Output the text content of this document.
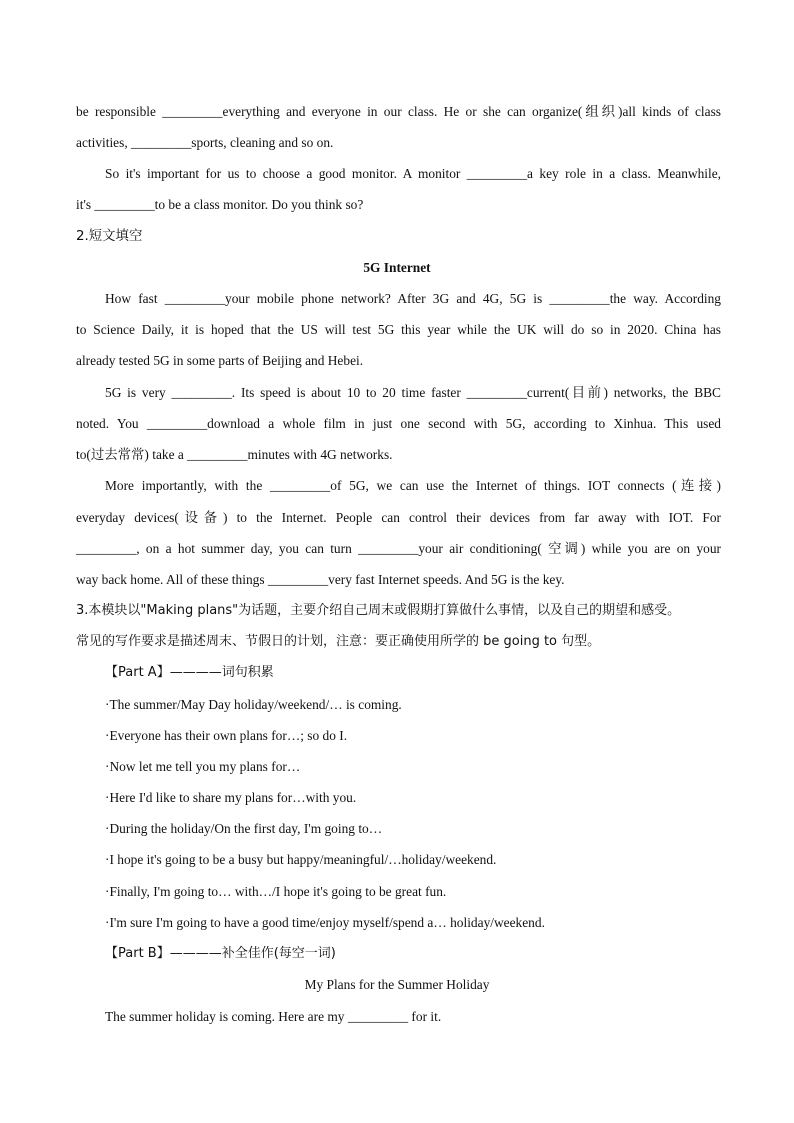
be responsible _________everything and everyone in our class. He or she can organize(组织)all kinds of class
activities, _________sports, cleaning and so on.
So it's important for us to choose a good monitor. A monitor _________a key role in a class. Meanwhile,
it's _________to be a class monitor. Do you think so?
2.短文填空
5G Internet
How fast _________your mobile phone network? After 3G and 4G, 5G is _________the way. According
to Science Daily, it is hoped that the US will test 5G this year while the UK will do so in 2020. China has
already tested 5G in some parts of Beijing and Hebei.
5G is very _________. Its speed is about 10 to 20 time faster _________current(目前) networks, the BBC
noted. You _________download a whole film in just one second with 5G, according to Xinhua. This used
to(过去常常) take a _________minutes with 4G networks.
More importantly, with the _________of 5G, we can use the Internet of things. IOT connects (连接)
everyday devices(设备) to the Internet. People can control their devices from far away with IOT. For
_________, on a hot summer day, you can turn _________your air conditioning( 空调) while you are on your
way back home. All of these things _________very fast Internet speeds. And 5G is the key.
3.本模块以"Making plans"为话题，主要介绍自己周末或假期打算做什么事情，以及自己的期望和感受。
常见的写作要求是描述周末、节假日的计划，注意：要正确使用所学的 be going to 句型。
【Part A】————词句积累
·The summer/May Day holiday/weekend/… is coming.
·Everyone has their own plans for…; so do I.
·Now let me tell you my plans for…
·Here I'd like to share my plans for…with you.
·During the holiday/On the first day, I'm going to…
·I hope it's going to be a busy but happy/meaningful/…holiday/weekend.
·Finally, I'm going to… with…/I hope it's going to be great fun.
·I'm sure I'm going to have a good time/enjoy myself/spend a… holiday/weekend.
【Part B】————补全佳作(每空一词)
My Plans for the Summer Holiday
The summer holiday is coming. Here are my _________ for it.
